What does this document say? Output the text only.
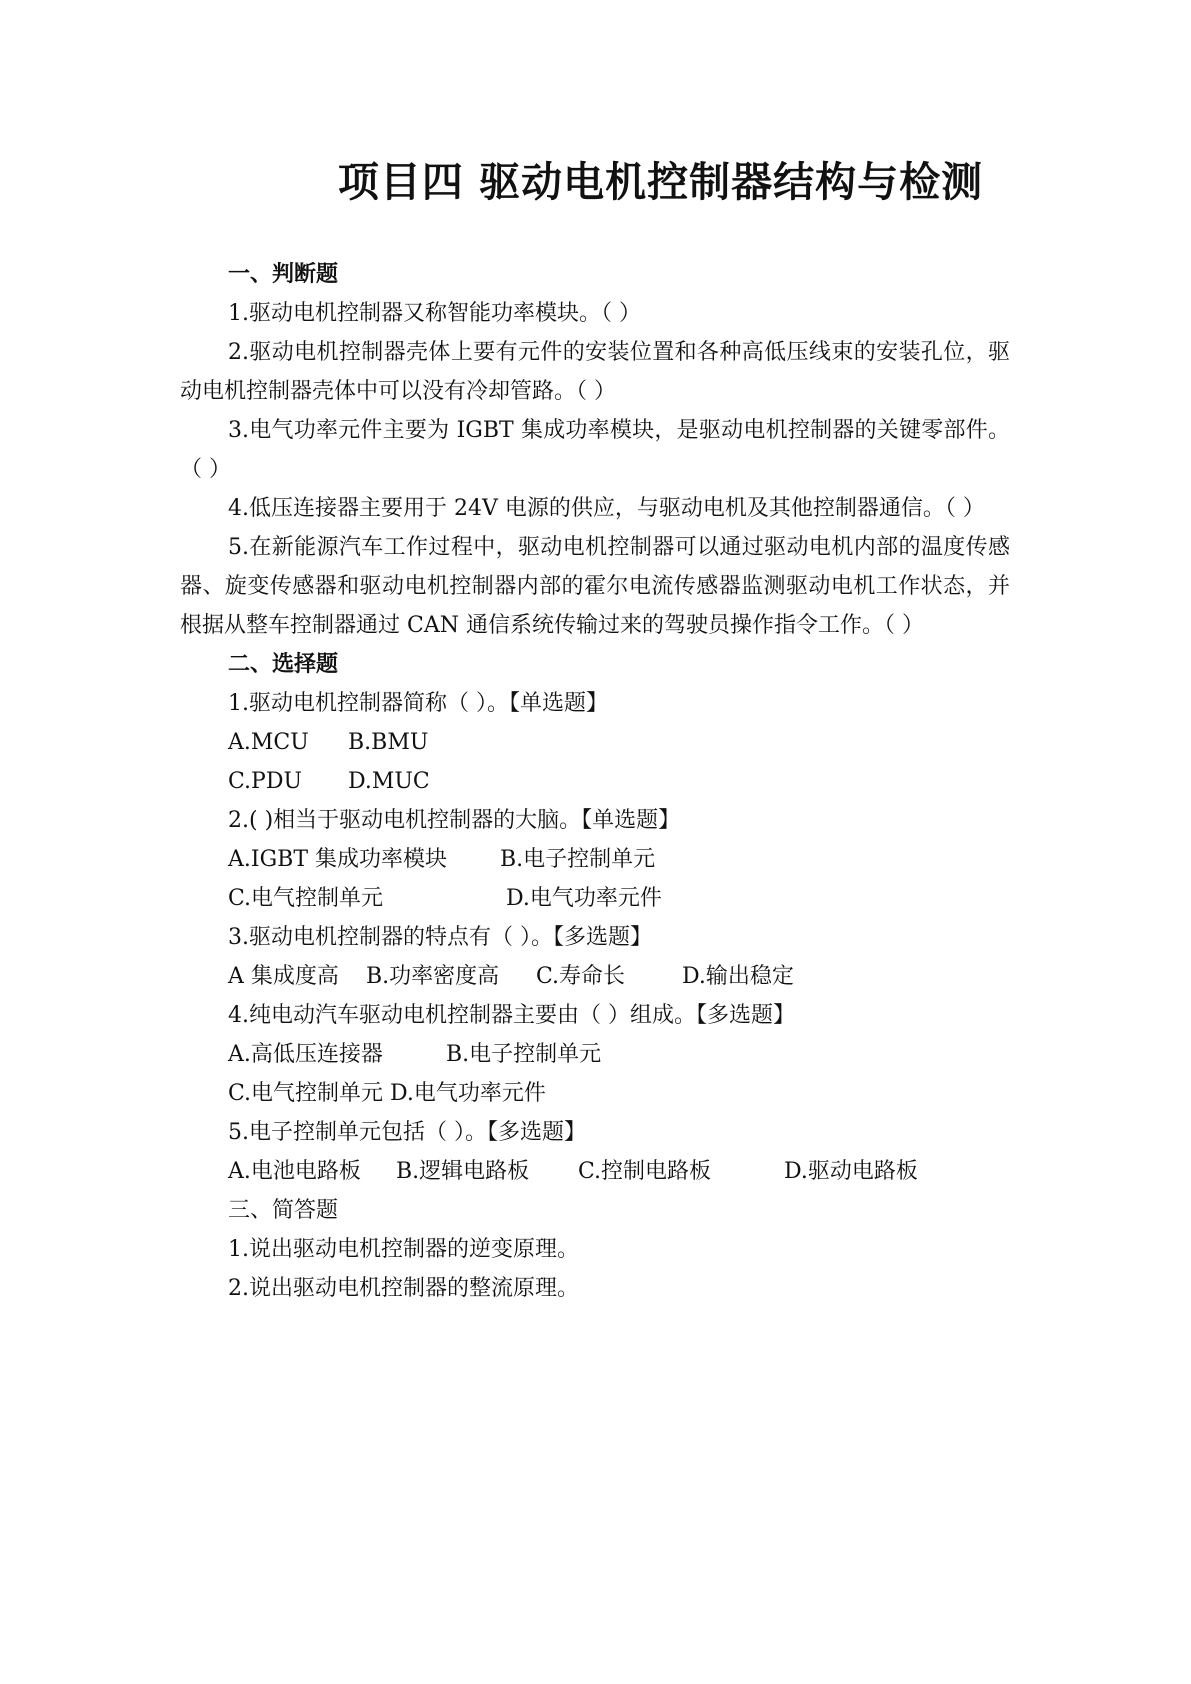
项目四 驱动电机控制器结构与检测
一、判断题
1.驱动电机控制器又称智能功率模块。（ ）
2.驱动电机控制器壳体上要有元件的安装位置和各种高低压线束的安装孔位，驱动电机控制器壳体中可以没有冷却管路。（ ）
3.电气功率元件主要为 IGBT 集成功率模块，是驱动电机控制器的关键零部件。（ ）
4.低压连接器主要用于 24V 电源的供应，与驱动电机及其他控制器通信。（ ）
5.在新能源汽车工作过程中，驱动电机控制器可以通过驱动电机内部的温度传感器、旋变传感器和驱动电机控制器内部的霍尔电流传感器监测驱动电机工作状态，并根据从整车控制器通过 CAN 通信系统传输过来的驾驶员操作指令工作。（ ）
二、选择题
1.驱动电机控制器简称（ ）。【单选题】
A.MCU B.BMU
C.PDU D.MUC
2.( )相当于驱动电机控制器的大脑。【单选题】
A.IGBT 集成功率模块 B.电子控制单元
C.电气控制单元	D.电气功率元件
3.驱动电机控制器的特点有（ ）。【多选题】
A 集成度高 B.功率密度高 C.寿命长	D.输出稳定
4.纯电动汽车驱动电机控制器主要由（ ）组成。【多选题】
A.高低压连接器	B.电子控制单元
C.电气控制单元 D.电气功率元件
5.电子控制单元包括（ ）。【多选题】
A.电池电路板 B.逻辑电路板 C.控制电路板	D.驱动电路板
三、简答题
1.说出驱动电机控制器的逆变原理。
2.说出驱动电机控制器的整流原理。
